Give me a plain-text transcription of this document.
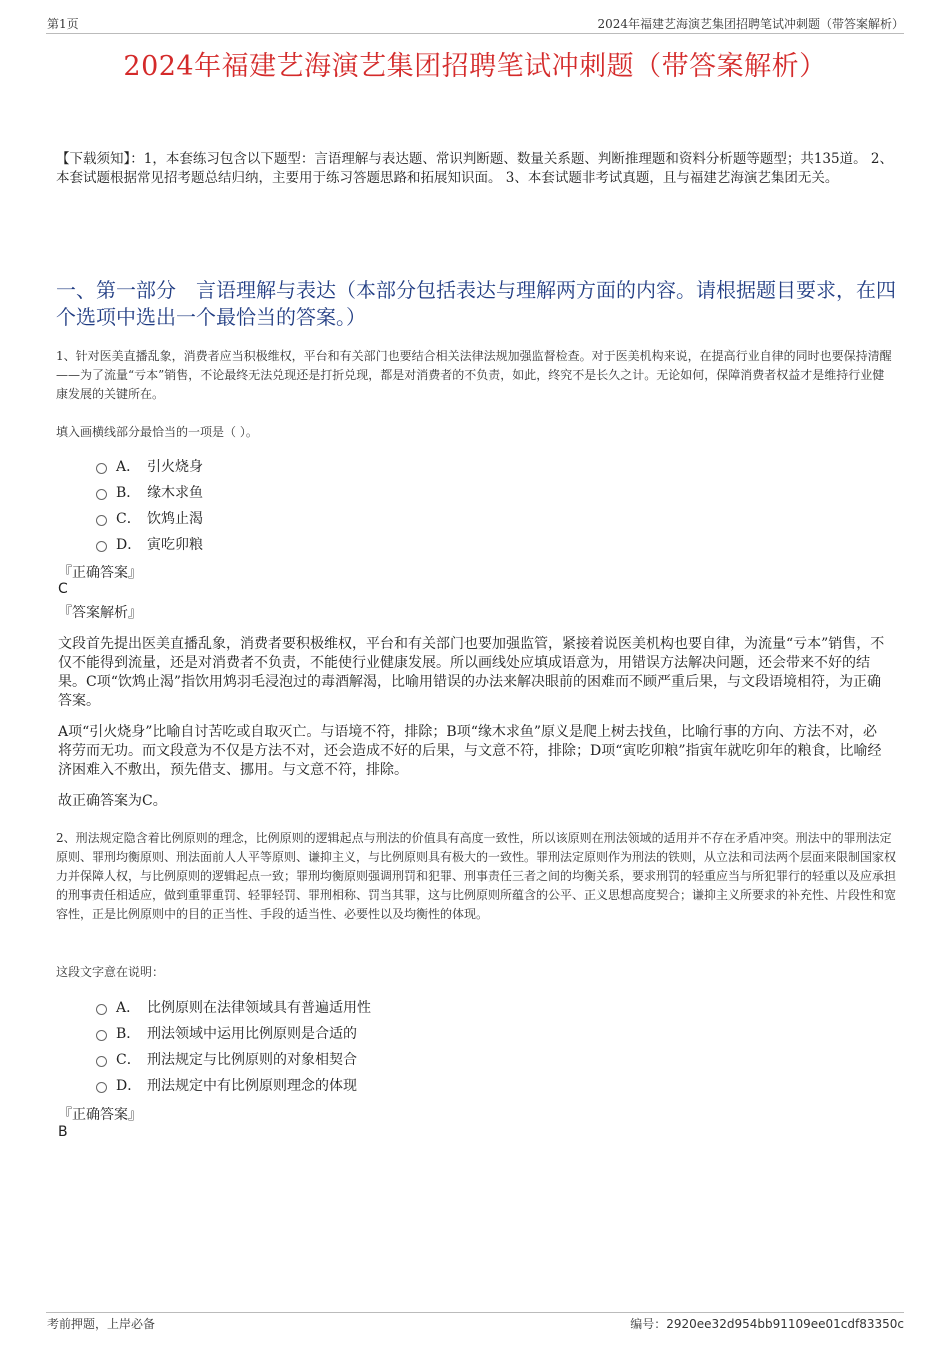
第1页	2024年福建艺海演艺集团招聘笔试冲刺题（带答案解析）
2024年福建艺海演艺集团招聘笔试冲刺题（带答案解析）
【下载须知】：1，本套练习包含以下题型：言语理解与表达题、常识判断题、数量关系题、判断推理题和资料分析题等题型；共135道。 2、本套试题根据常见招考题总结归纳，主要用于练习答题思路和拓展知识面。 3、本套试题非考试真题，且与福建艺海演艺集团无关。
一、第一部分　言语理解与表达（本部分包括表达与理解两方面的内容。请根据题目要求，在四个选项中选出一个最恰当的答案。）
1、针对医美直播乱象，消费者应当积极维权，平台和有关部门也要结合相关法律法规加强监督检查。对于医美机构来说，在提高行业自律的同时也要保持清醒——为了流量“亏本”销售，不论最终无法兑现还是打折兑现，都是对消费者的不负责，如此，终究不是长久之计。无论如何，保障消费者权益才是维持行业健康发展的关键所在。
填入画横线部分最恰当的一项是（ ）。
A． 引火烧身
B． 缘木求鱼
C． 饮鸩止渴
D． 寅吃卯粮
『正确答案』
C
『答案解析』
文段首先提出医美直播乱象，消费者要积极维权，平台和有关部门也要加强监管，紧接着说医美机构也要自律，为流量“亏本”销售，不仅不能得到流量，还是对消费者不负责，不能使行业健康发展。所以画线处应填成语意为，用错误方法解决问题，还会带来不好的结果。C项“饮鸩止渴”指饮用鸩羽毛浸泡过的毒酒解渴，比喻用错误的办法来解决眼前的困难而不顾严重后果，与文段语境相符，为正确答案。
A项“引火烧身”比喻自讨苦吃或自取灭亡。与语境不符，排除；B项“缘木求鱼”原义是爬上树去找鱼，比喻行事的方向、方法不对，必将劳而无功。而文段意为不仅是方法不对，还会造成不好的后果，与文意不符，排除；D项“寅吃卯粮”指寅年就吃卯年的粮食，比喻经济困难入不敷出，预先借支、挪用。与文意不符，排除。
故正确答案为C。
2、刑法规定隐含着比例原则的理念，比例原则的逻辑起点与刑法的价值具有高度一致性，所以该原则在刑法领域的适用并不存在矛盾冲突。刑法中的罪刑法定原则、罪刑均衡原则、刑法面前人人平等原则、谦抑主义，与比例原则具有极大的一致性。罪刑法定原则作为刑法的铁则，从立法和司法两个层面来限制国家权力并保障人权，与比例原则的逻辑起点一致；罪刑均衡原则强调刑罚和犯罪、刑事责任三者之间的均衡关系，要求刑罚的轻重应当与所犯罪行的轻重以及应承担的刑事责任相适应，做到重罪重罚、轻罪轻罚、罪刑相称、罚当其罪，这与比例原则所蕴含的公平、正义思想高度契合；谦抑主义所要求的补充性、片段性和宽容性，正是比例原则中的目的正当性、手段的适当性、必要性以及均衡性的体现。
这段文字意在说明：
A． 比例原则在法律领域具有普遍适用性
B． 刑法领域中运用比例原则是合适的
C． 刑法规定与比例原则的对象相契合
D． 刑法规定中有比例原则理念的体现
『正确答案』
B
考前押题，上岸必备	编号：2920ee32d954bb91109ee01cdf83350c
